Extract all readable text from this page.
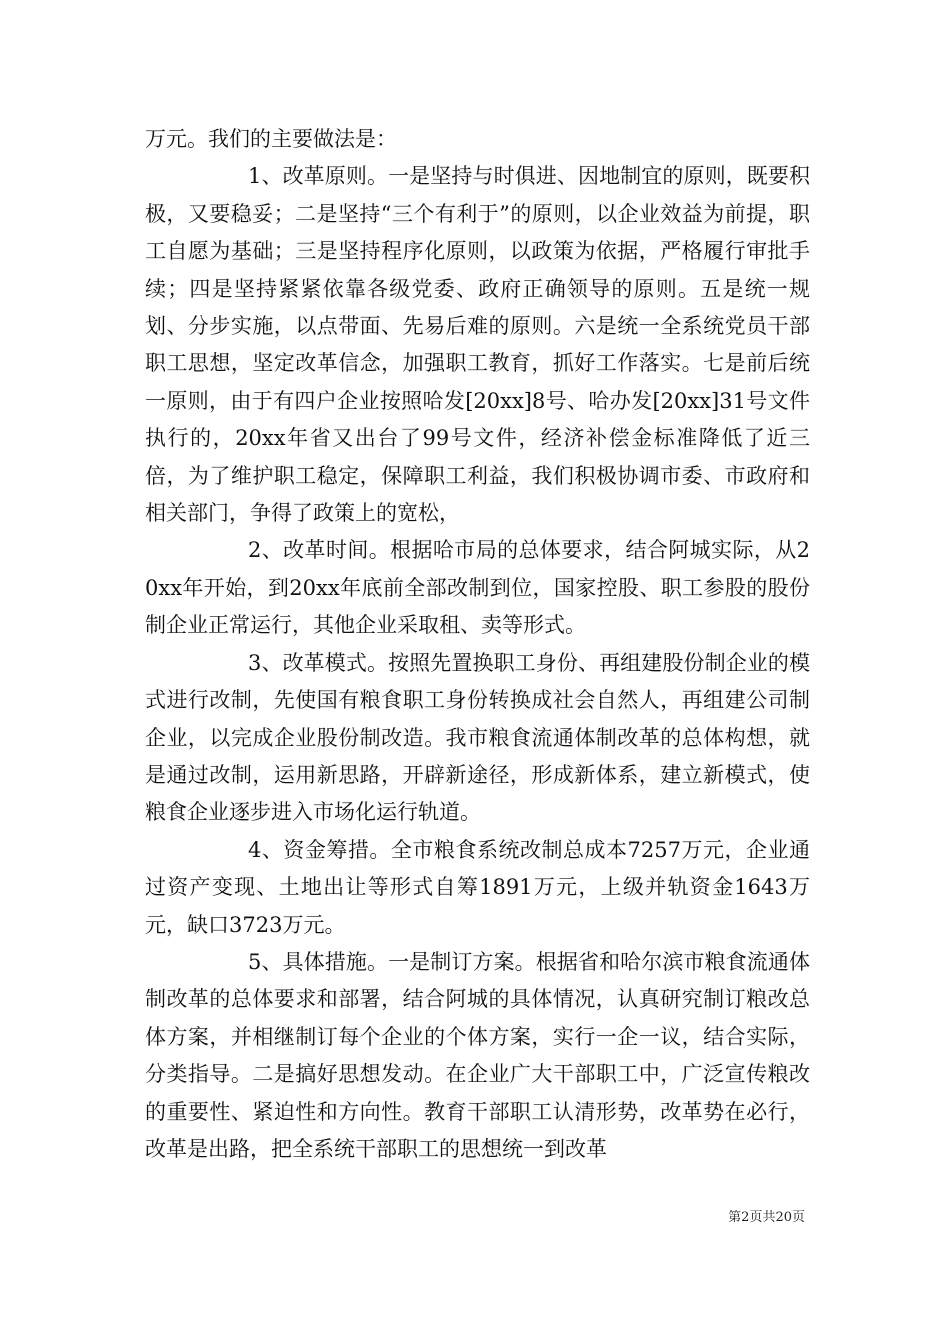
万元。我们的主要做法是：

1、改革原则。一是坚持与时俱进、因地制宜的原则，既要积极，又要稳妥；二是坚持“三个有利于”的原则，以企业效益为前提，职工自愿为基础；三是坚持程序化原则，以政策为依据，严格履行审批手续；四是坚持紧紧依靠各级党委、政府正确领导的原则。五是统一规划、分步实施，以点带面、先易后难的原则。六是统一全系统党员干部职工思想，坚定改革信念，加强职工教育，抓好工作落实。七是前后统一原则，由于有四户企业按照哈发[20xx]8号、哈办发[20xx]31号文件执行的，20xx年省又出台了99号文件，经济补偿金标准降低了近三倍，为了维护职工稳定，保障职工利益，我们积极协调市委、市政府和相关部门，争得了政策上的宽松，

2、改革时间。根据哈市局的总体要求，结合阿城实际，从20xx年开始，到20xx年底前全部改制到位，国家控股、职工参股的股份制企业正常运行，其他企业采取租、卖等形式。

3、改革模式。按照先置换职工身份、再组建股份制企业的模式进行改制，先使国有粮食职工身份转换成社会自然人，再组建公司制企业，以完成企业股份制改造。我市粮食流通体制改革的总体构想，就是通过改制，运用新思路，开辟新途径，形成新体系，建立新模式，使粮食企业逐步进入市场化运行轨道。

4、资金筹措。全市粮食系统改制总成本7257万元，企业通过资产变现、土地出让等形式自筹1891万元，上级并轨资金1643万元，缺口3723万元。

5、具体措施。一是制订方案。根据省和哈尔滨市粮食流通体制改革的总体要求和部署，结合阿城的具体情况，认真研究制订粮改总体方案，并相继制订每个企业的个体方案，实行一企一议，结合实际，分类指导。二是搞好思想发动。在企业广大干部职工中，广泛宣传粮改的重要性、紧迫性和方向性。教育干部职工认清形势，改革势在必行，改革是出路，把全系统干部职工的思想统一到改革

第2页共20页
